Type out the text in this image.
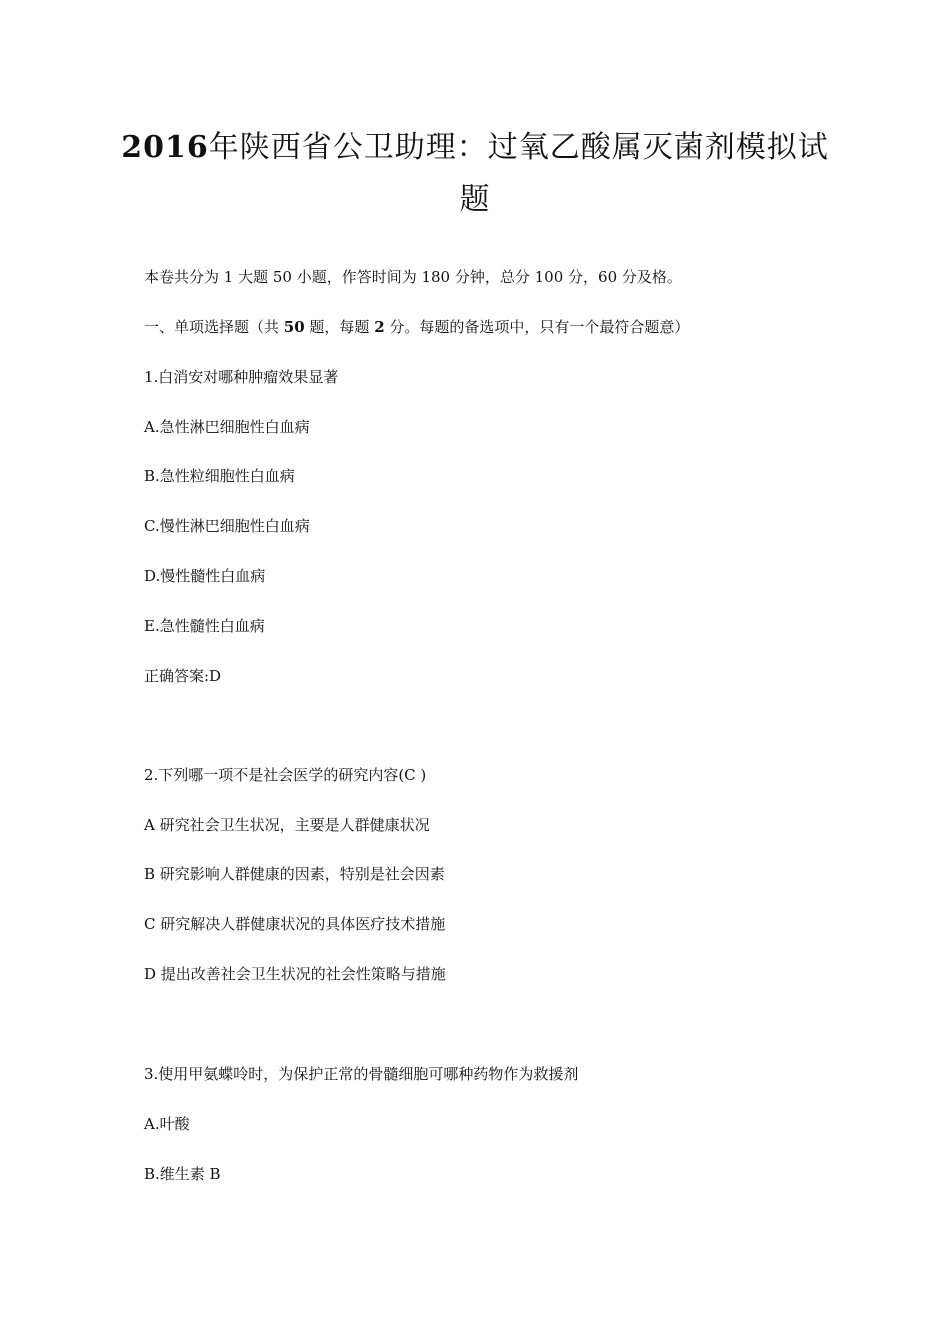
2016年陕西省公卫助理：过氧乙酸属灭菌剂模拟试
题
本卷共分为 1 大题 50 小题，作答时间为 180 分钟，总分 100 分，60 分及格。
一、单项选择题（共 50 题，每题 2 分。每题的备选项中，只有一个最符合题意）
1.白消安对哪种肿瘤效果显著
A.急性淋巴细胞性白血病
B.急性粒细胞性白血病
C.慢性淋巴细胞性白血病
D.慢性髓性白血病
E.急性髓性白血病
正确答案:D
2.下列哪一项不是社会医学的研究内容(C )
A 研究社会卫生状况，主要是人群健康状况
B 研究影响人群健康的因素，特别是社会因素
C 研究解决人群健康状况的具体医疗技术措施
D 提出改善社会卫生状况的社会性策略与措施
3.使用甲氨蝶呤时，为保护正常的骨髓细胞可哪种药物作为救援剂
A.叶酸
B.维生素 B
